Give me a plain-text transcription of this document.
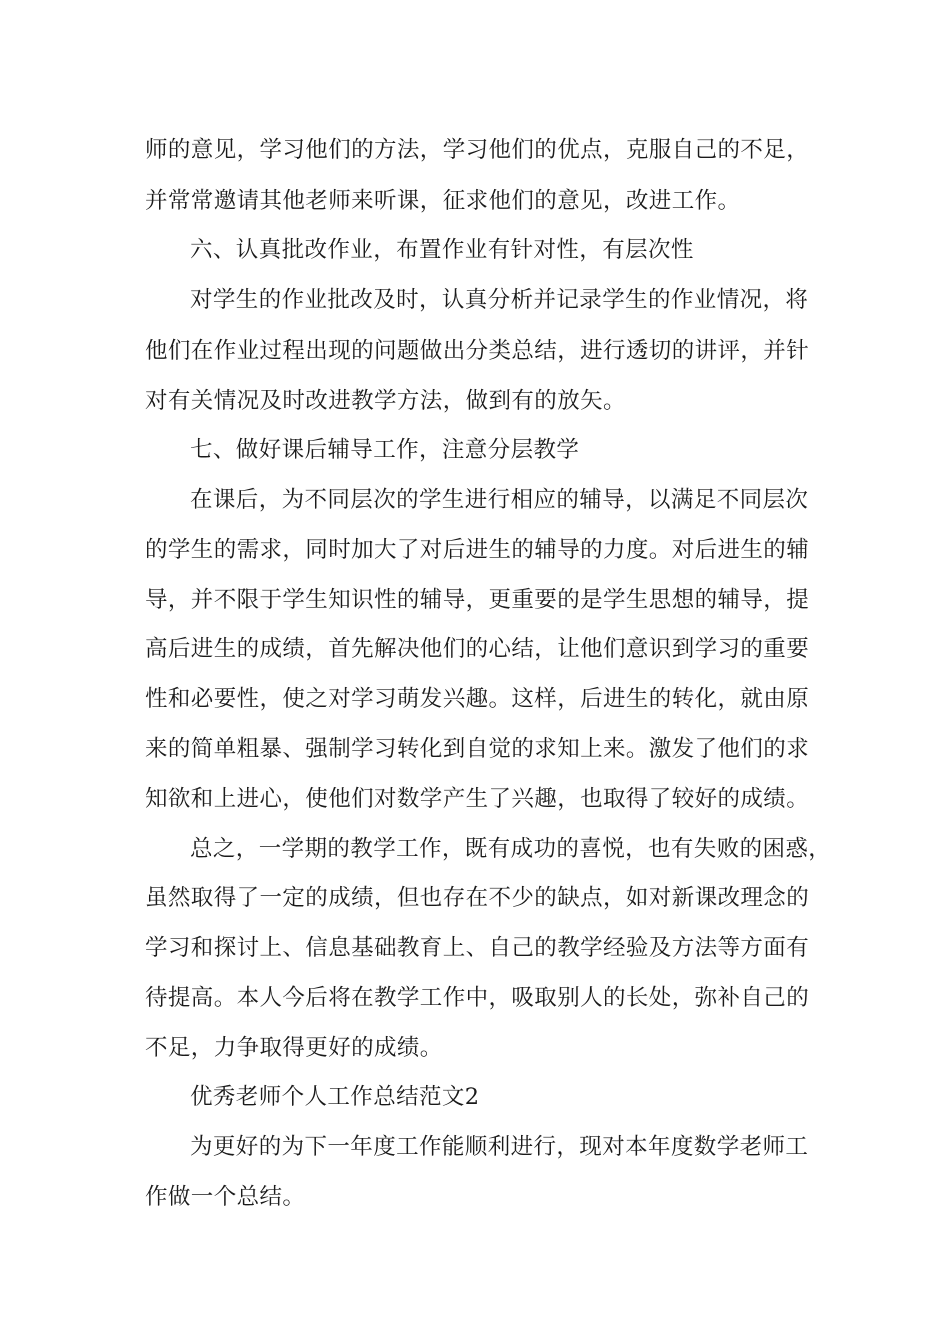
师的意见，学习他们的方法，学习他们的优点，克服自己的不足，
并常常邀请其他老师来听课，征求他们的意见，改进工作。
六、认真批改作业，布置作业有针对性，有层次性
对学生的作业批改及时，认真分析并记录学生的作业情况，将
他们在作业过程出现的问题做出分类总结，进行透切的讲评，并针
对有关情况及时改进教学方法，做到有的放矢。
七、做好课后辅导工作，注意分层教学
在课后，为不同层次的学生进行相应的辅导，以满足不同层次
的学生的需求，同时加大了对后进生的辅导的力度。对后进生的辅
导，并不限于学生知识性的辅导，更重要的是学生思想的辅导，提
高后进生的成绩，首先解决他们的心结，让他们意识到学习的重要
性和必要性，使之对学习萌发兴趣。这样，后进生的转化，就由原
来的简单粗暴、强制学习转化到自觉的求知上来。激发了他们的求
知欲和上进心，使他们对数学产生了兴趣，也取得了较好的成绩。
总之，一学期的教学工作，既有成功的喜悦，也有失败的困惑，
虽然取得了一定的成绩，但也存在不少的缺点，如对新课改理念的
学习和探讨上、信息基础教育上、自己的教学经验及方法等方面有
待提高。本人今后将在教学工作中，吸取别人的长处，弥补自己的
不足，力争取得更好的成绩。
优秀老师个人工作总结范文2
为更好的为下一年度工作能顺利进行，现对本年度数学老师工
作做一个总结。
